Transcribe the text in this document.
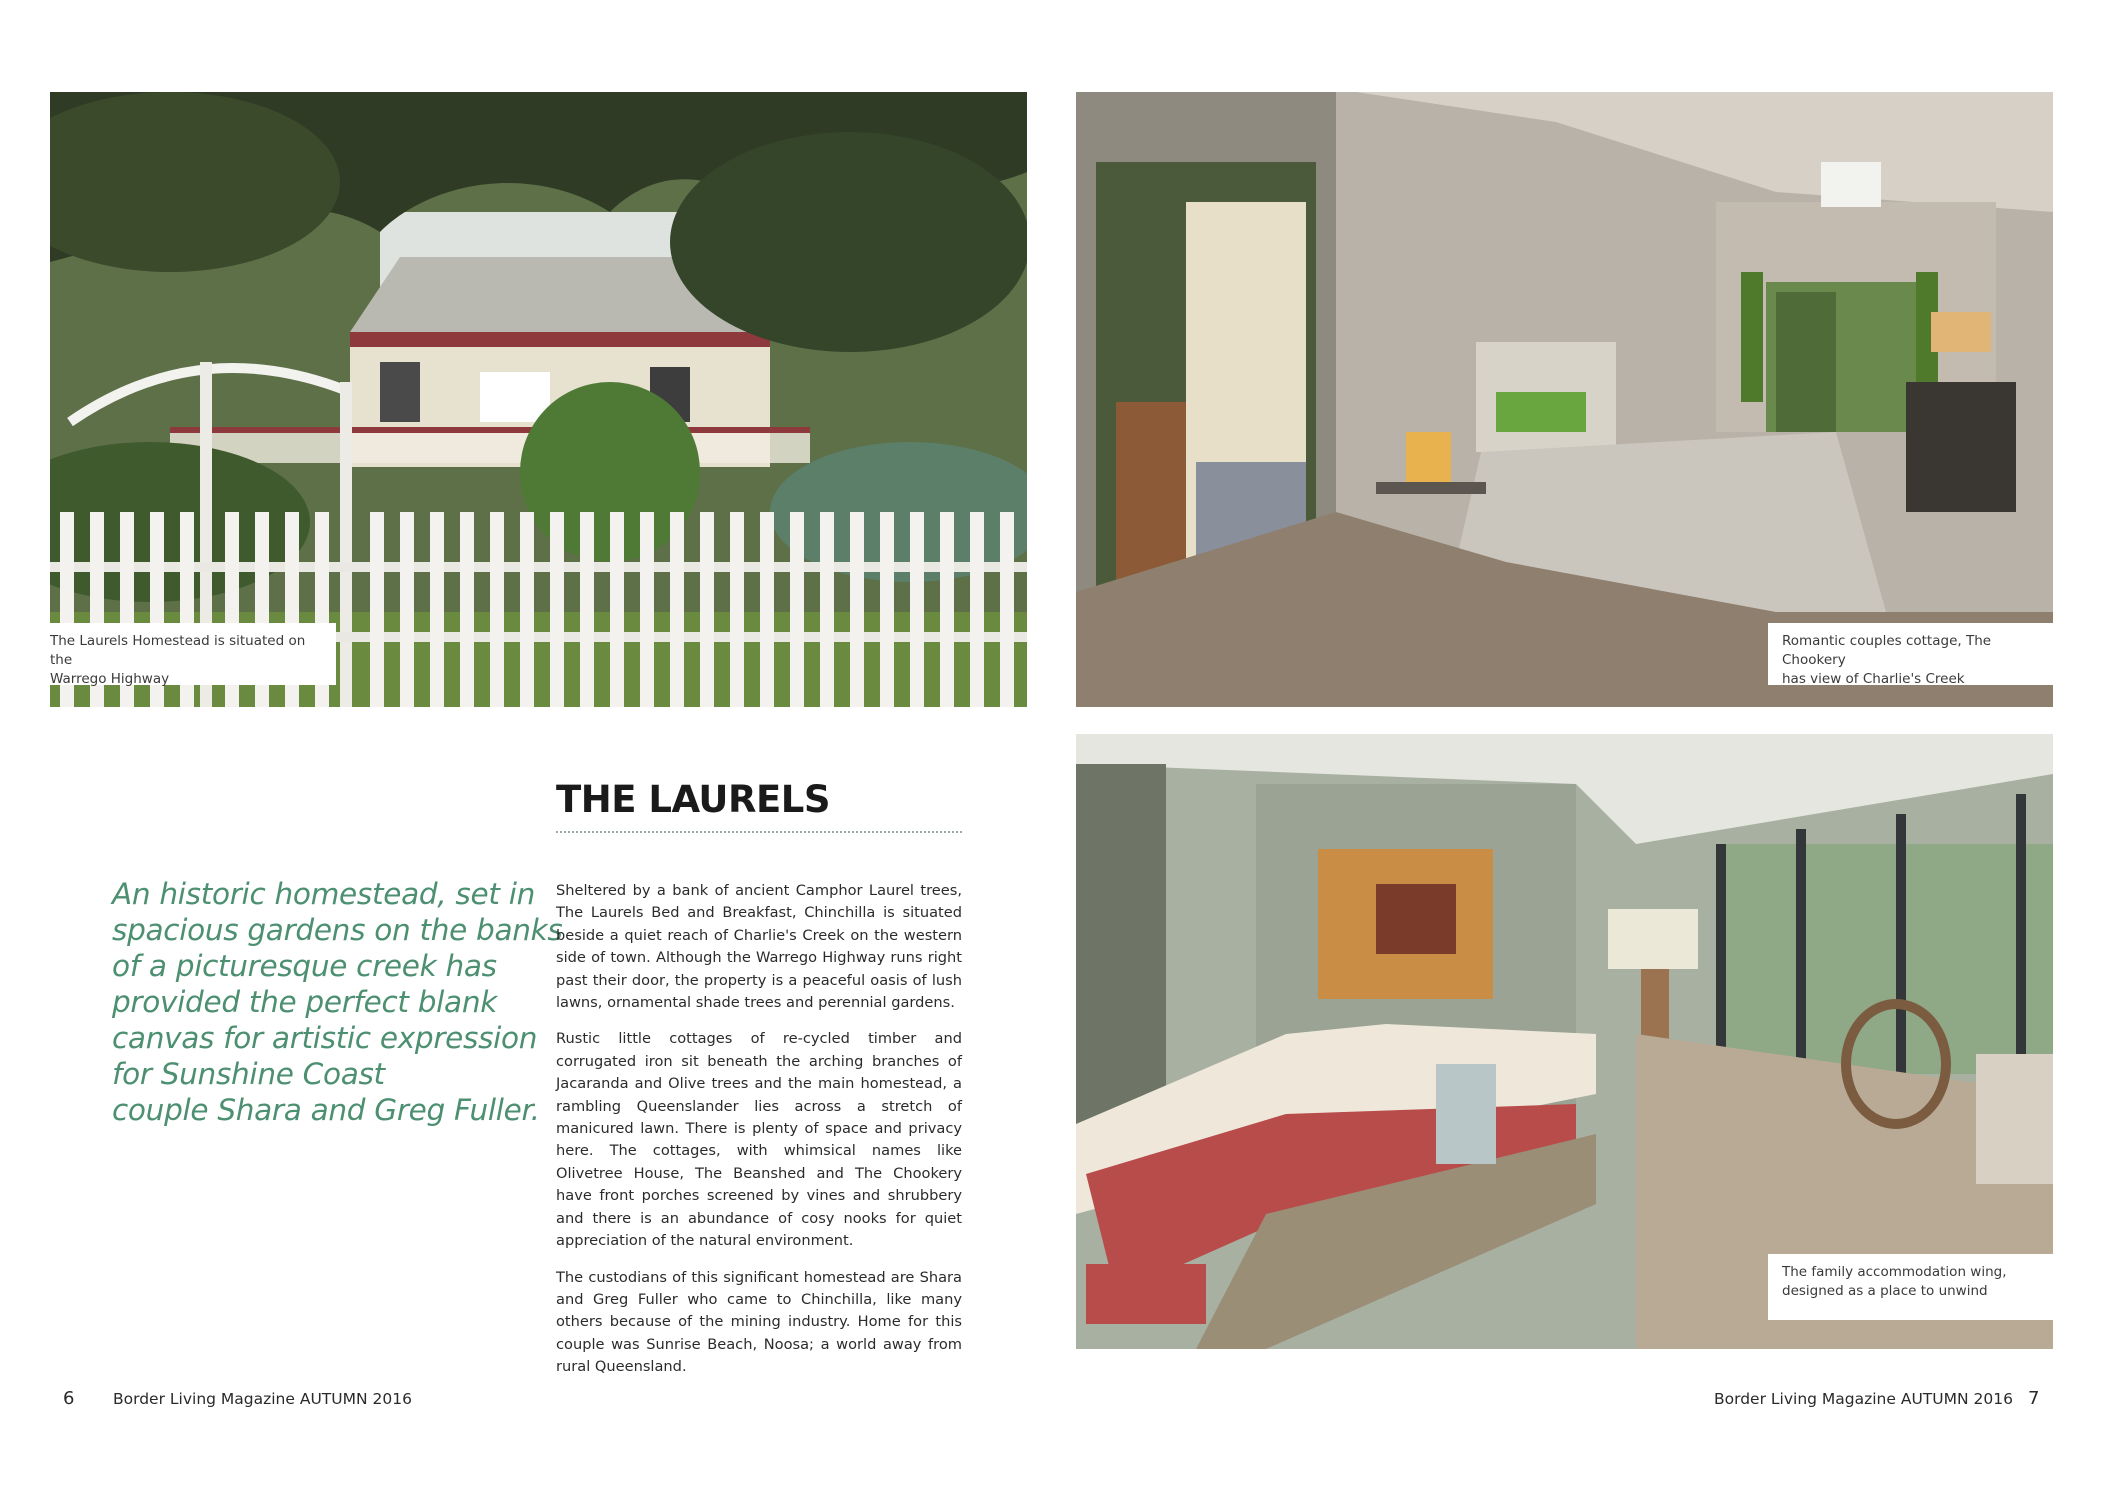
The Laurels Homestead is situated on the
Warrego Highway
Romantic couples cottage, The Chookery
has view of Charlie's Creek
The family accommodation wing,
designed as a place to unwind
THE LAURELS
An historic homestead, set in
spacious gardens on the banks
of a picturesque creek has
provided the perfect blank
canvas for artistic expression
for Sunshine Coast
couple Shara and Greg Fuller.

Sheltered by a bank of ancient Camphor Laurel trees, The Laurels Bed and Breakfast, Chinchilla is situated beside a quiet reach of Charlie's Creek on the western side of town. Although the Warrego Highway runs right past their door, the property is a peaceful oasis of lush lawns, ornamental shade trees and perennial gardens.

Rustic little cottages of re-cycled timber and corrugated iron sit beneath the arching branches of Jacaranda and Olive trees and the main homestead, a rambling Queenslander lies across a stretch of manicured lawn. There is plenty of space and privacy here. The cottages, with whimsical names like Olivetree House, The Beanshed and The Chookery have front porches screened by vines and shrubbery and there is an abundance of cosy nooks for quiet appreciation of the natural environment.

The custodians of this significant homestead are Shara and Greg Fuller who came to Chinchilla, like many others because of the mining industry. Home for this couple was Sunrise Beach, Noosa; a world away from rural Queensland.

6 Border Living Magazine AUTUMN 2016	Border Living Magazine AUTUMN 2016 7
